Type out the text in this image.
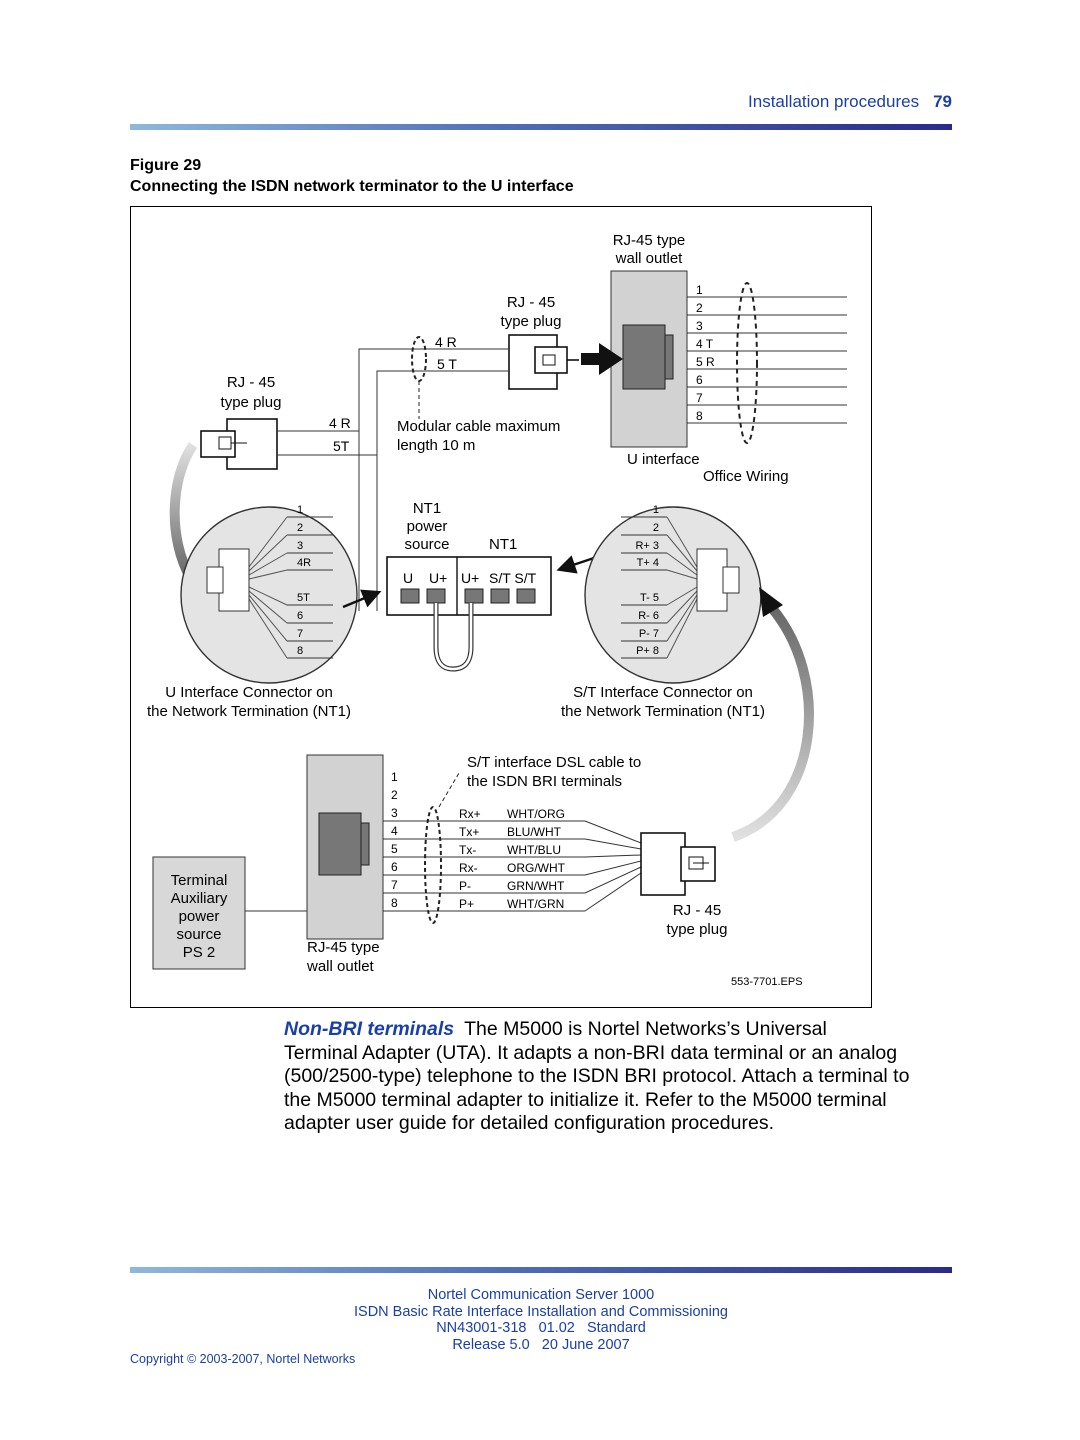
Installation procedures 79
Figure 29
Connecting the ISDN network terminator to the U interface
RJ-45 type
wall outlet
1
2
3
4 T
5 R
6
7
8
U interface
Office Wiring
RJ - 45
type plug
4 R
5 T
Modular cable maximum
length 10 m
RJ - 45
type plug
4 R
5T
1
2
3
4R
5T
6
7
8
U Interface Connector on
the Network Termination (NT1)
NT1
power
source	NT1
U U+ U+ S/T S/T
1
2
R+ 3
T+ 4
T- 5
R- 6
P- 7
P+ 8
S/T Interface Connector on
the Network Termination (NT1)
RJ-45 type
wall outlet
1
2
3
4
5
6
7
8
Rx+
Tx+
Tx-
Rx-
P-
P+
WHT/ORG
BLU/WHT
WHT/BLU
ORG/WHT
GRN/WHT
WHT/GRN
S/T interface DSL cable to
the ISDN BRI terminals
RJ - 45
type plug
Terminal
Auxiliary
power
source
PS 2
553-7701.EPS
Non-BRI terminals The M5000 is Nortel Networks’s Universal
Terminal Adapter (UTA). It adapts a non-BRI data terminal or an analog
(500/2500-type) telephone to the ISDN BRI protocol. Attach a terminal to
the M5000 terminal adapter to initialize it. Refer to the M5000 terminal
adapter user guide for detailed configuration procedures.
Nortel Communication Server 1000
ISDN Basic Rate Interface Installation and Commissioning
NN43001-318   01.02   Standard
Release 5.0   20 June 2007
Copyright © 2003-2007, Nortel Networks
